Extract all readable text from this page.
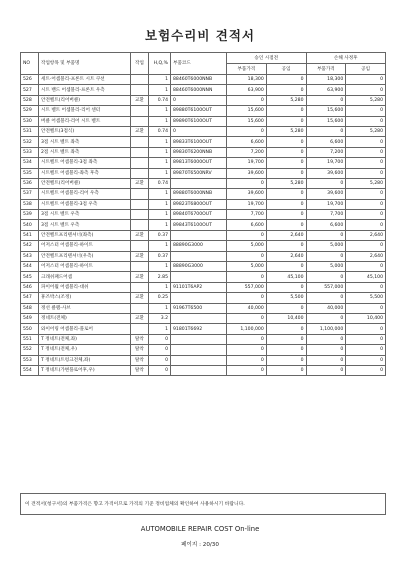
보험수리비 견적서
NO	작업항목 및 부품명	작업	H,Q,%	부품코드	승인 시점전		손해 사정후	
					부품가격	공임	부품가격	공임
526	세트·어셈블리-프론트 시트 쿠션		1	88460T6000NNB	18,300	0	18,300	0
527	시트 밴드 어셈블리-프론트 우측		1	88460T6000NNN	63,900	0	63,900	0
528	안전벨트(리어버클)	교환	0.74	0	0	5,280	0	5,280
529	시트 벨트 어셈블리-리어 센터		1	89880T6100OUT	15,600	0	15,600	0
530	버클 어셈블리-리어 시트 벨트		1	89890T6100OUT	15,600	0	15,600	0
531	안전벨트(3점식)	교환	0.74	0	0	5,280	0	5,280
532	3점 시트 벨트 좌측		1	89833T6100OUT	6,600	0	6,600	0
533	2점 시트 벨트 좌측		1	89830T6200NNB	7,200	0	7,200	0
534	시트벨트 어셈블리-3점 좌측		1	89813T6000OUT	19,700	0	19,700	0
535	시트벨트 어셈블리-좌측 후측		1	89870T6500NRV	39,600	0	39,600	0
536	안전벨트(리어버클)	교환	0.74		0	5,280	0	5,280
537	시트벨트 어셈블리-리어 우측		1	89880T6000NNB	39,600	0	39,600	0
538	시트벨트 어셈블리-3점 우측		1	89823T6800OUT	19,700	0	19,700	0
539	3점 시트 벨트 우측		1	89840T6700OUT	7,700	0	7,700	0
540	3점 시트 벨트 우측		1	89843T6100OUT	6,600	0	6,600	0
541	안전벨트프리텐셔너(좌측)	교환	0.37		0	2,640	0	2,640
542	어저스터 어셈블리-하이트		1	88890G3000	5,000	0	5,000	0
543	안전벨트프리텐셔너(우측)	교환	0.37		0	2,640	0	2,640
544	어저스터 어셈블리-하이트		1	88890G3000	5,000	0	5,000	0
545	크래쉬패드어셈	교환	2.85		0	45,100	0	45,100
546	파이어월 어셈블리-대쉬		1	91101T6AP2	557,000	0	557,000	0
547	휴즈박스(조정)	교환	0.25		0	5,500	0	5,500
548	정선 클램-사브		1	91967T6500	40,000	0	40,000	0
549	정네트(전체)	교환	3.2		0	10,400	0	10,400
550	와이어링 어셈블리-플로어		1	91801T6692	1,100,000	0	1,100,000	0
551	T 정네트(전체,좌)	탈착	0		0	0	0	0
552	T 정네트(전체,우)	탈착	0		0	0	0	0
553	T 정네트(트렁크전체,좌)	탈착	0		0	0	0	0
554	T 정네트(가변플로어후,우)	탈착	0		0	0	0	0
이 견적서(청구서)의 부품가격은 향고 가격이므로 가격의 기준 정비업체의 확인하여 사용하시기 바랍니다.
AUTOMOBILE REPAIR COST On-line
페이지 : 20/30
